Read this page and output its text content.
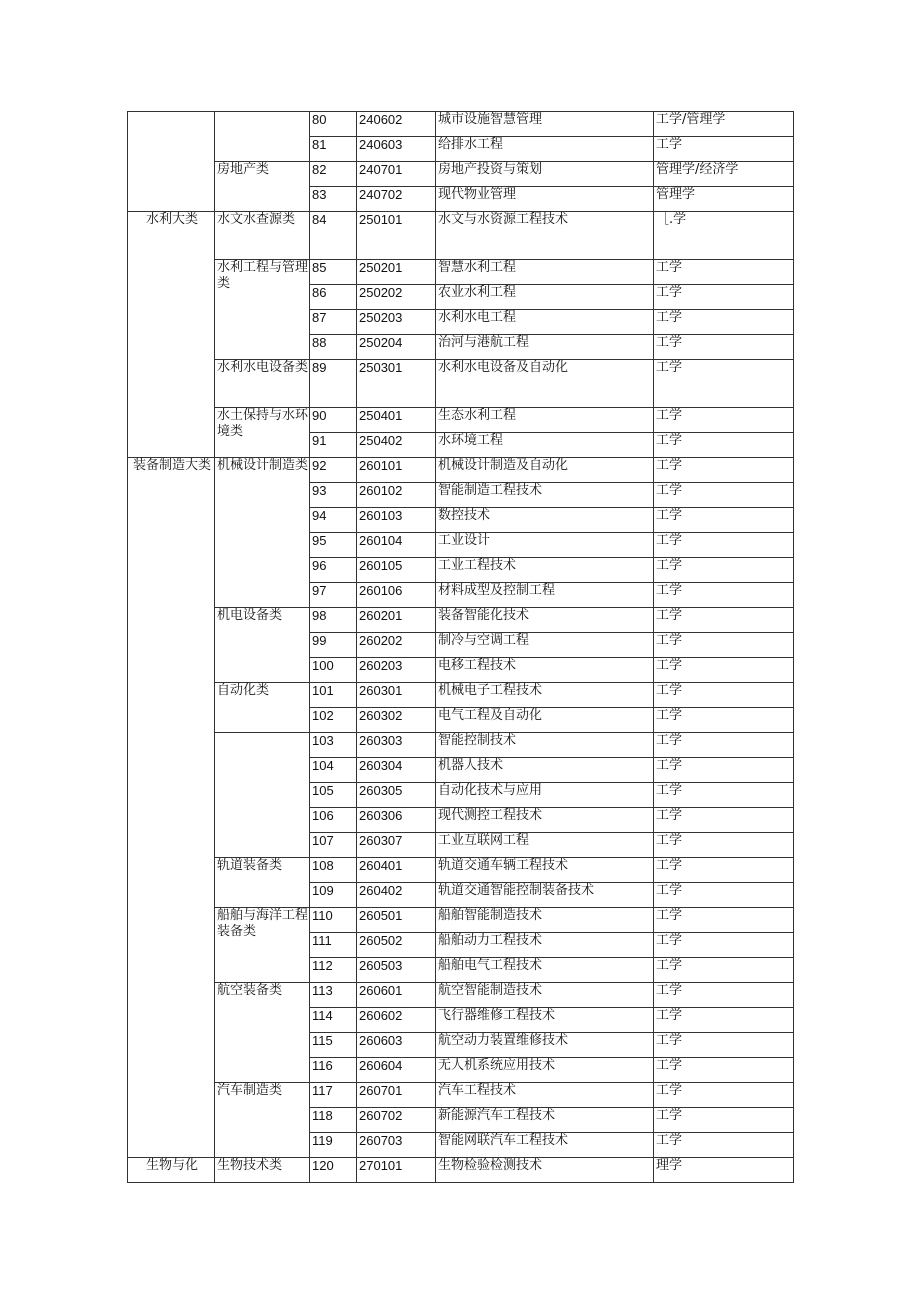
		80	240602	城市设施智慧管理	工学/管理学
		81	240603	给排水工程	工学
	房地产类	82	240701	房地产投资与策划	管理学/经济学
		83	240702	现代物业管理	管理学
水利大类	水文水查源类	84	250101	水文与水资源工程技术	［.学
	水利工程与管理类	85	250201	智慧水利工程	工学
		86	250202	农业水利工程	工学
		87	250203	水利水电工程	工学
		88	250204	治河与港航工程	工学
	水利水电设备类	89	250301	水利水电设备及自动化	工学
	水土保持与水环境类	90	250401	生态水利工程	工学
		91	250402	水环境工程	工学
装备制造大类	机械设计制造类	92	260101	机械设计制造及自动化	工学
		93	260102	智能制造工程技术	工学
		94	260103	数控技术	工学
		95	260104	工业设计	工学
		96	260105	工业工程技术	工学
		97	260106	材料成型及控制工程	工学
	机电设备类	98	260201	装备智能化技术	工学
		99	260202	制冷与空调工程	工学
		100	260203	电移工程技术	工学
	自动化类	101	260301	机械电子工程技术	工学
		102	260302	电气工程及自动化	工学
		103	260303	智能控制技术	工学
		104	260304	机器人技术	工学
		105	260305	自动化技术与应用	工学
		106	260306	现代测控工程技术	工学
		107	260307	工业互联网工程	工学
	轨道装备类	108	260401	轨道交通车辆工程技术	工学
		109	260402	轨道交通智能控制装备技术	工学
	船舶与海洋工程装备类	110	260501	船舶智能制造技术	工学
		111	260502	船舶动力工程技术	工学
		112	260503	船舶电气工程技术	工学
	航空装备类	113	260601	航空智能制造技术	工学
		114	260602	飞行器维修工程技术	工学
		115	260603	航空动力装置维修技术	工学
		116	260604	无人机系统应用技术	工学
	汽车制造类	117	260701	汽车工程技术	工学
		118	260702	新能源汽车工程技术	工学
		119	260703	智能网联汽车工程技术	工学
生物与化	生物技术类	120	270101	生物检验检测技术	理学
